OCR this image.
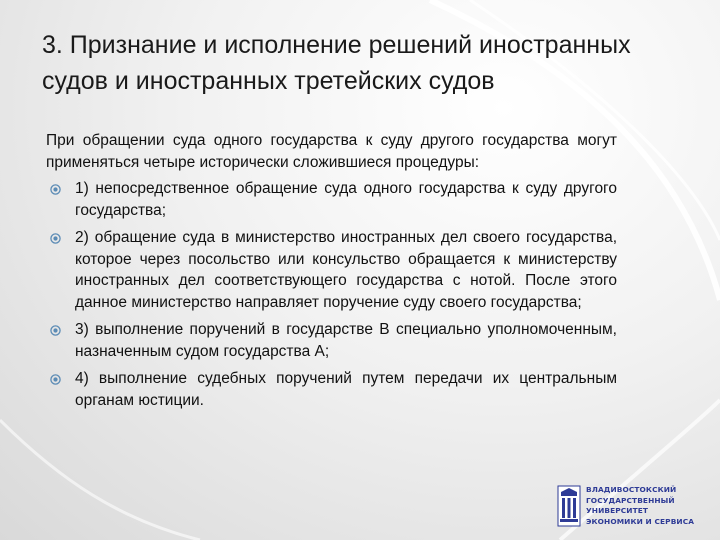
3. Признание и исполнение решений иностранных судов и иностранных третейских судов

При обращении суда одного государства к суду другого государства могут применяться четыре исторически сложившиеся процедуры:

1) непосредственное обращение суда одного государства к суду другого государства;
2) обращение суда в министерство иностранных дел своего государства, которое через посольство или консульство обращается к министерству иностранных дел соответствующего государства с нотой. После этого данное министерство направляет поручение суду своего государства;
3) выполнение поручений в государстве В специально уполномоченным, назначенным судом государства А;
4) выполнение судебных поручений путем передачи их центральным органам юстиции.
ВЛАДИВОСТОКСКИЙ
ГОСУДАРСТВЕННЫЙ
УНИВЕРСИТЕТ
ЭКОНОМИКИ И СЕРВИСА
